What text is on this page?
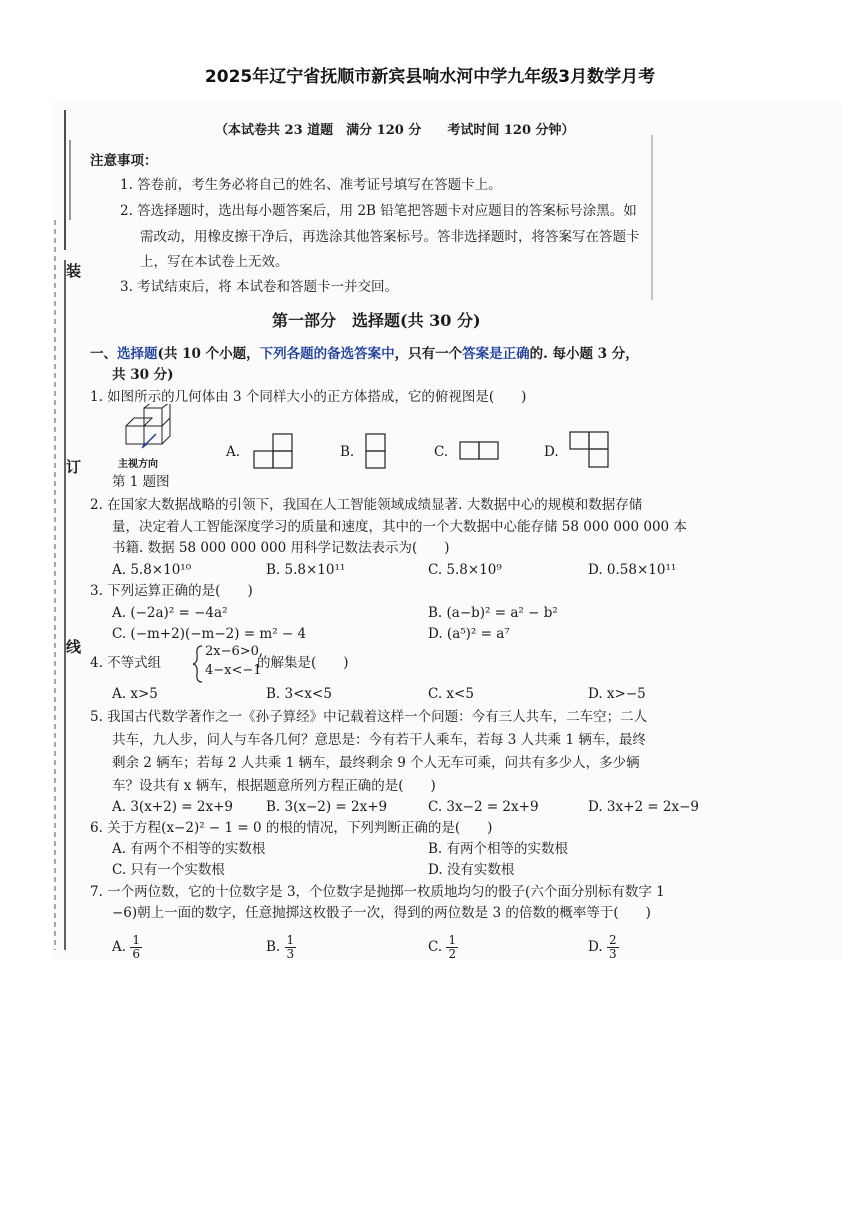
2025年辽宁省抚顺市新宾县响水河中学九年级3月数学月考
装
订
线
（本试卷共 23 道题　满分 120 分　　考试时间 120 分钟）
注意事项：
1. 答卷前，考生务必将自己的姓名、准考证号填写在答题卡上。
2. 答选择题时，选出每小题答案后，用 2B 铅笔把答题卡对应题目的答案标号涂黑。如
需改动，用橡皮擦干净后，再选涂其他答案标号。答非选择题时，将答案写在答题卡
上，写在本试卷上无效。
3. 考试结束后，将 本试卷和答题卡一并交回。
第一部分　选择题(共 30 分)
一、选择题(共 10 个小题，下列各题的备选答案中，只有一个答案是正确的. 每小题 3 分，
共 30 分)
1. 如图所示的几何体由 3 个同样大小的正方体搭成，它的俯视图是(　　)
主视方向
第 1 题图
A.	B.	C.	D.
2. 在国家大数据战略的引领下，我国在人工智能领域成绩显著. 大数据中心的规模和数据存储
量，决定着人工智能深度学习的质量和速度，其中的一个大数据中心能存储 58 000 000 000 本
书籍. 数据 58 000 000 000 用科学记数法表示为(　　)
A. 5.8×10¹⁰	B. 5.8×10¹¹	C. 5.8×10⁹	D. 0.58×10¹¹
3. 下列运算正确的是(　　)
A. (−2a)² = −4a²	B. (a−b)² = a² − b²
C. (−m+2)(−m−2) = m² − 4	D. (a⁵)² = a⁷
4. 不等式组
2x−6>0,
4−x<−1
的解集是(　　)
A. x>5	B. 3<x<5	C. x<5	D. x>−5
5. 我国古代数学著作之一《孙子算经》中记载着这样一个问题：今有三人共车，二车空；二人
共车，九人步，问人与车各几何？意思是：今有若干人乘车，若每 3 人共乘 1 辆车，最终
剩余 2 辆车；若每 2 人共乘 1 辆车，最终剩余 9 个人无车可乘，问共有多少人，多少辆
车？设共有 x 辆车，根据题意所列方程正确的是(　　)
A. 3(x+2) = 2x+9 B. 3(x−2) = 2x+9	C. 3x−2 = 2x+9	D. 3x+2 = 2x−9
6. 关于方程(x−2)² − 1 = 0 的根的情况，下列判断正确的是(　　)
A. 有两个不相等的实数根	B. 有两个相等的实数根
C. 只有一个实数根	D. 没有实数根
7. 一个两位数，它的十位数字是 3，个位数字是抛掷一枚质地均匀的骰子(六个面分别标有数字 1
−6)朝上一面的数字，任意抛掷这枚骰子一次，得到的两位数是 3 的倍数的概率等于(　　)
A. $\frac{1}{6}$	B. $\frac{1}{3}$	C. $\frac{1}{2}$	D. $\frac{2}{3}$
